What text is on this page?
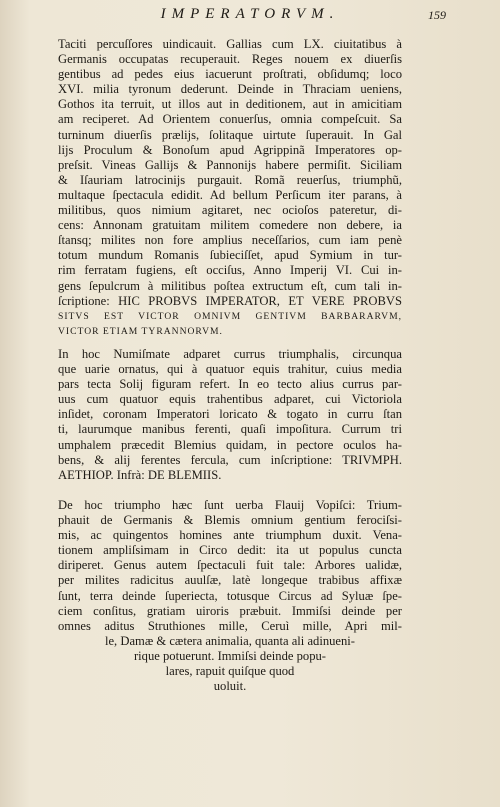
IMPERATORVM.	159
Taciti percuſſores uindicauit. Gallias cum LX. ciuitatibus à
Germanis occupatas recuperauit. Reges nouem ex diuerſis
gentibus ad pedes eius iacuerunt proſtrati, obſidumq; loco
XVI. milia tyronum dederunt. Deinde in Thraciam ueniens,
Gothos ita terruit, ut illos aut in deditionem, aut in amicitiam
am reciperet. Ad Orientem conuerſus, omnia compeſcuit. Sa
turninum diuerſis prælijs, ſolitaque uirtute ſuperauit. In Gal
lijs Proculum & Bonoſum apud Agrippinã Imperatores op-
preſsit. Vineas Gallijs & Pannonijs habere permiſit. Siciliam
& Iſauriam latrocinijs purgauit. Romã reuerſus, triumphũ,
multaque ſpectacula edidit. Ad bellum Perſicum iter parans, à
militibus, quos nimium agitaret, nec ocioſos pateretur, di-
cens: Annonam gratuitam militem comedere non debere, ia
ſtansq; milites non fore amplius neceſſarios, cum iam penè
totum mundum Romanis ſubieciſſet, apud Symium in tur-
rim ferratam fugiens, eſt occiſus, Anno Imperij VI. Cui in-
gens ſepulcrum à militibus poſtea extructum eſt, cum tali in-
ſcriptione: HIC PROBVS IMPERATOR, ET VERE PROBVS
SITVS EST VICTOR OMNIVM GENTIVM BARBARARVM,
VICTOR ETIAM TYRANNORVM.
In hoc Numiſmate adparet currus triumphalis, circunqua
que uarie ornatus, qui à quatuor equis trahitur, cuius media
pars tecta Solij figuram refert. In eo tecto alius currus par-
uus cum quatuor equis trahentibus adparet, cui Victoriola
inſidet, coronam Imperatori loricato & togato in curru ſtan
ti, laurumque manibus ferenti, quaſi impoſitura. Currum tri
umphalem præcedit Blemius quidam, in pectore oculos ha-
bens, & alij ferentes fercula, cum inſcriptione: TRIVMPH.
AETHIOP. Infrà: DE BLEMIIS.
De hoc triumpho hæc ſunt uerba Flauij Vopiſci: Trium-
phauit de Germanis & Blemis omnium gentium ferociſsi-
mis, ac quingentos homines ante triumphum duxit. Vena-
tionem ampliſsimam in Circo dedit: ita ut populus cuncta
diriperet. Genus autem ſpectaculi fuit tale: Arbores ualidæ,
per milites radicitus auulſæ, latè longeque trabibus affixæ
ſunt, terra deinde ſuperiecta, totusque Circus ad Syluæ ſpe-
ciem conſitus, gratiam uiroris præbuit. Immiſsi deinde per
omnes aditus Struthiones mille, Ceruì mille, Apri mil-
le, Damæ & cætera animalia, quanta ali adinueni-
rique potuerunt. Immiſsi deinde popu-
lares, rapuit quiſque quod
uoluit.
